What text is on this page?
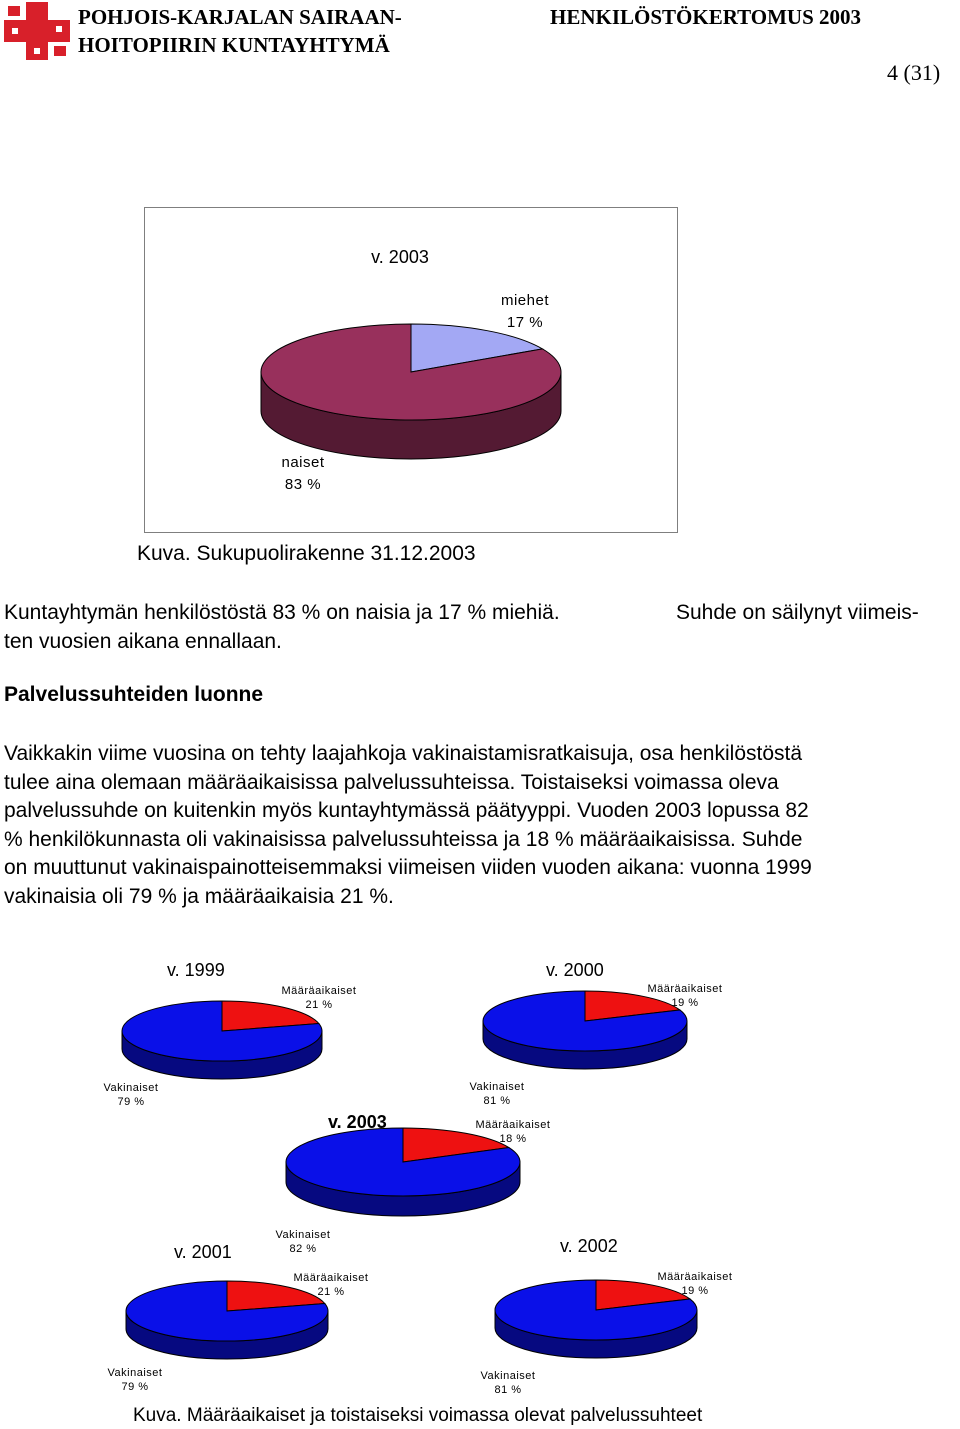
POHJOIS-KARJALAN SAIRAAN-
HOITOPIIRIN KUNTAYHTYMÄ
HENKILÖSTÖKERTOMUS 2003
4 (31)
v. 2003
miehet
17 %
naiset
83 %
Kuva. Sukupuolirakenne 31.12.2003
Kuntayhtymän henkilöstöstä 83 % on naisia ja 17 % miehiä.	Suhde on säilynyt viimeis-
ten vuosien aikana ennallaan.
Palvelussuhteiden luonne
Vaikkakin viime vuosina on tehty laajahkoja vakinaistamisratkaisuja, osa henkilöstöstä
tulee aina olemaan määräaikaisissa palvelussuhteissa. Toistaiseksi voimassa oleva
palvelussuhde on kuitenkin myös kuntayhtymässä päätyyppi. Vuoden 2003 lopussa 82
% henkilökunnasta oli vakinaisissa palvelussuhteissa ja 18 % määräaikaisissa. Suhde
on muuttunut vakinaispainotteisemmaksi viimeisen viiden vuoden aikana: vuonna 1999
vakinaisia oli 79 % ja määräaikaisia 21 %.
v. 1999
Määräaikaiset
21 %
Vakinaiset
79 %
v. 2000
Määräaikaiset
19 %
Vakinaiset
81 %
v. 2003	Määräaikaiset
18 %
Vakinaiset
82 %
v. 2001
Määräaikaiset
21 %
Vakinaiset
79 %
v. 2002
Määräaikaiset
19 %
Vakinaiset
81 %
Kuva. Määräaikaiset ja toistaiseksi voimassa olevat palvelussuhteet
